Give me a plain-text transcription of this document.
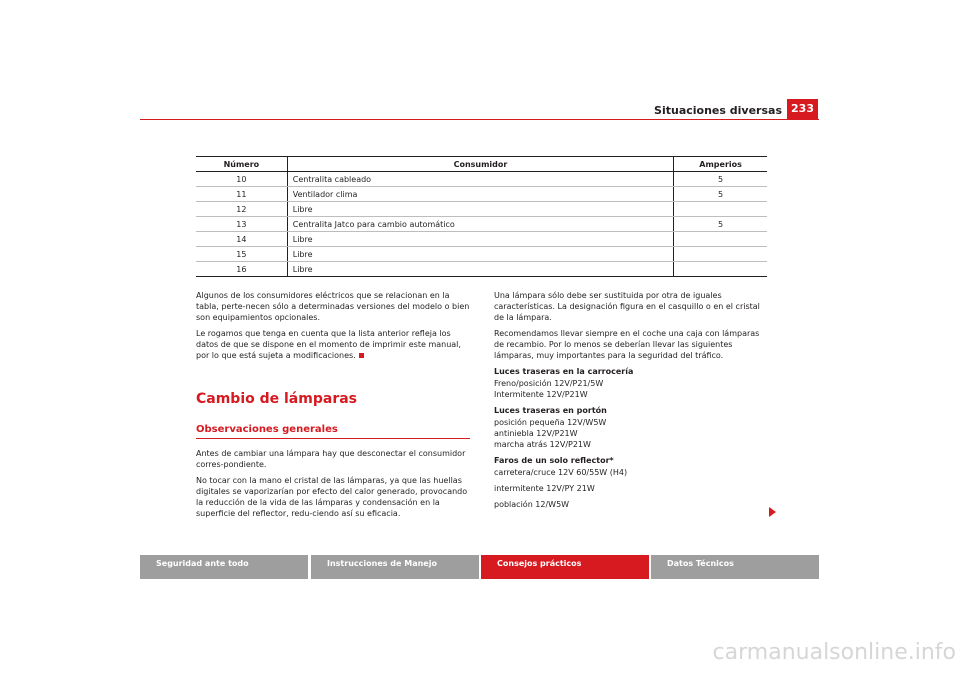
Situaciones diversas 233
Número	Consumidor	Amperios
10	Centralita cableado	5
11	Ventilador clima	5
12	Libre	
13	Centralita Jatco para cambio automático	5
14	Libre	
15	Libre	
16	Libre	

Algunos de los consumidores eléctricos que se relacionan en la tabla, perte-necen sólo a determinadas versiones del modelo o bien son equipamientos opcionales.

Le rogamos que tenga en cuenta que la lista anterior refleja los datos de que se dispone en el momento de imprimir este manual, por lo que está sujeta a modificaciones.

Cambio de lámparas
Observaciones generales

Antes de cambiar una lámpara hay que desconectar el consumidor corres-pondiente.

No tocar con la mano el cristal de las lámparas, ya que las huellas digitales se vaporizarían por efecto del calor generado, provocando la reducción de la vida de las lámparas y condensación en la superficie del reflector, redu-ciendo así su eficacia.

Una lámpara sólo debe ser sustituida por otra de iguales características. La designación figura en el casquillo o en el cristal de la lámpara.

Recomendamos llevar siempre en el coche una caja con lámparas de recambio. Por lo menos se deberían llevar las siguientes lámparas, muy importantes para la seguridad del tráfico.

Luces traseras en la carrocería

Freno/posición 12V/P21/5W

Intermitente 12V/P21W

Luces traseras en portón

posición pequeña 12V/W5W

antiniebla 12V/P21W

marcha atrás 12V/P21W

Faros de un solo reflector*

carretera/cruce 12V 60/55W (H4)

intermitente 12V/PY 21W

población 12/W5W

Seguridad ante todo	Instrucciones de Manejo	Consejos prácticos	Datos Técnicos
carmanualsonline.info
